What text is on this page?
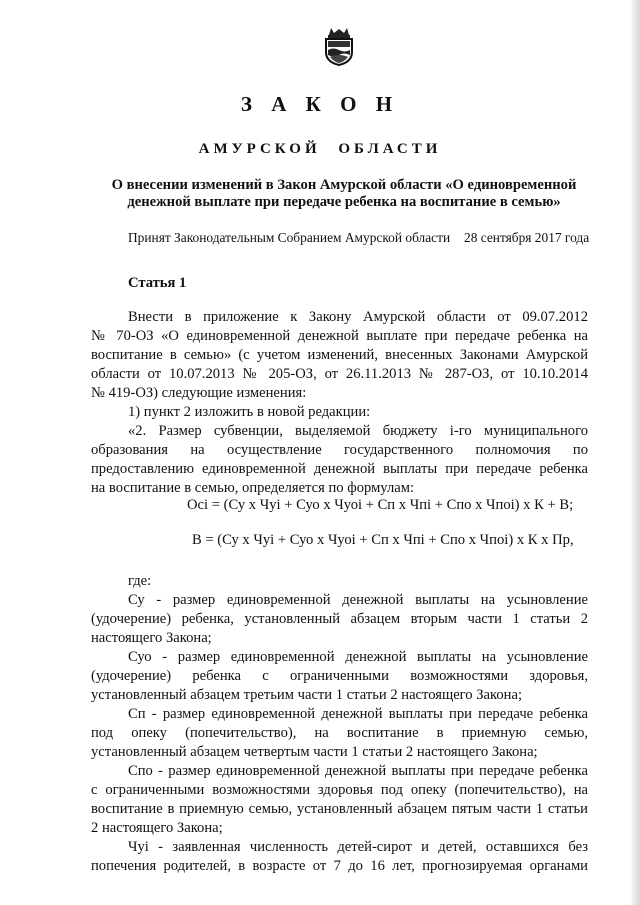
З А К О Н
АМУРСКОЙ ОБЛАСТИ
О внесении изменений в Закон Амурской области «О единовременной
денежной выплате при передаче ребенка на воспитание в семью»
Принят Законодательным Собранием Амурской области 28 сентября 2017 года
Статья 1
Внести в приложение к Закону Амурской области от 09.07.2012
№ 70-ОЗ «О единовременной денежной выплате при передаче ребенка на
воспитание в семью» (с учетом изменений, внесенных Законами Амурской
области от 10.07.2013 № 205-ОЗ, от 26.11.2013 № 287-ОЗ, от 10.10.2014
№ 419-ОЗ) следующие изменения:
1) пункт 2 изложить в новой редакции:
«2. Размер субвенции, выделяемой бюджету i-го муниципального
образования на осуществление государственного полномочия по
предоставлению единовременной денежной выплаты при передаче ребенка
на воспитание в семью, определяется по формулам:
Осi = (Су х Чуi + Суо х Чуоi + Сп х Чпi + Спо х Чпоi) х К + В;
В = (Су х Чуi + Суо х Чуоi + Сп х Чпi + Спо х Чпоi) х К х Пр,
где:
Су - размер единовременной денежной выплаты на усыновление
(удочерение) ребенка, установленный абзацем вторым части 1 статьи 2
настоящего Закона;
Суо - размер единовременной денежной выплаты на усыновление
(удочерение) ребенка с ограниченными возможностями здоровья,
установленный абзацем третьим части 1 статьи 2 настоящего Закона;
Сп - размер единовременной денежной выплаты при передаче ребенка
под опеку (попечительство), на воспитание в приемную семью,
установленный абзацем четвертым части 1 статьи 2 настоящего Закона;
Спо - размер единовременной денежной выплаты при передаче ребенка
с ограниченными возможностями здоровья под опеку (попечительство), на
воспитание в приемную семью, установленный абзацем пятым части 1 статьи
2 настоящего Закона;
Чуi - заявленная численность детей-сирот и детей, оставшихся без
попечения родителей, в возрасте от 7 до 16 лет, прогнозируемая органами
